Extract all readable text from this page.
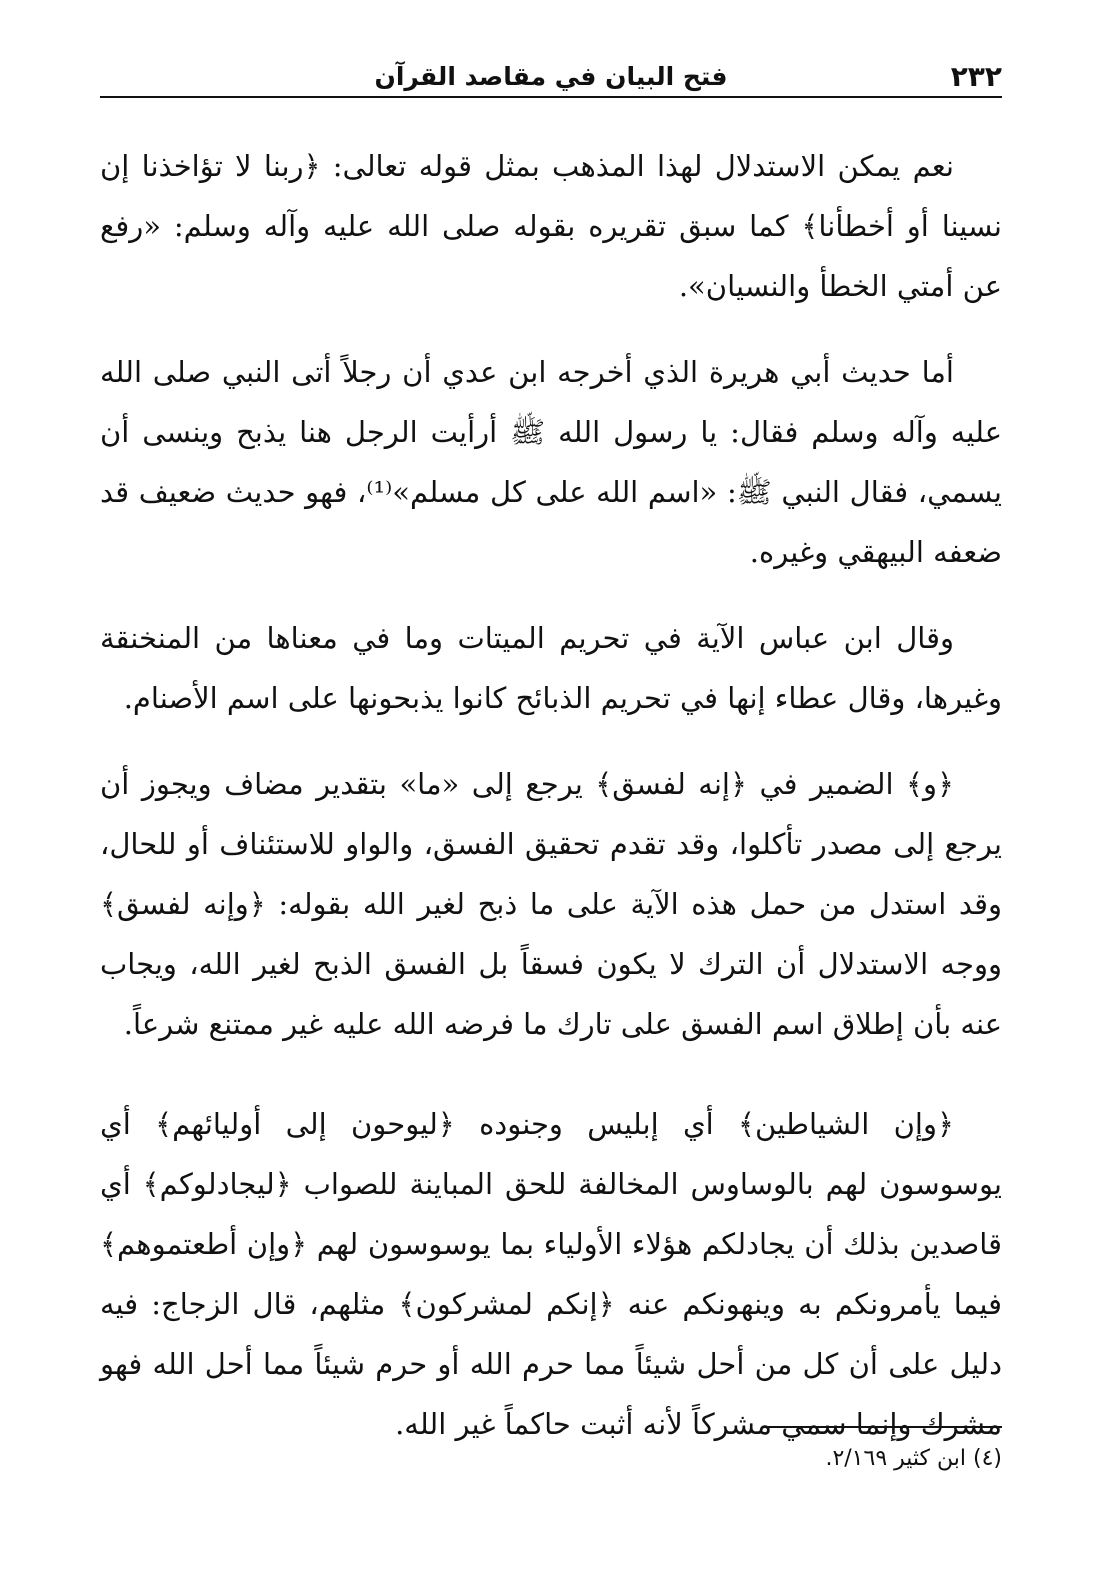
٢٣٢
فتح البيان في مقاصد القرآن

نعم يمكن الاستدلال لهذا المذهب بمثل قوله تعالى: ﴿ربنا لا تؤاخذنا إن نسينا أو أخطأنا﴾ كما سبق تقريره بقوله صلى الله عليه وآله وسلم: «رفع عن أمتي الخطأ والنسيان».

أما حديث أبي هريرة الذي أخرجه ابن عدي أن رجلاً أتى النبي صلى الله عليه وآله وسلم فقال: يا رسول الله ﷺ أرأيت الرجل هنا يذبح وينسى أن يسمي، فقال النبي ﷺ: «اسم الله على كل مسلم»⁽¹⁾، فهو حديث ضعيف قد ضعفه البيهقي وغيره.

وقال ابن عباس الآية في تحريم الميتات وما في معناها من المنخنقة وغيرها، وقال عطاء إنها في تحريم الذبائح كانوا يذبحونها على اسم الأصنام.

﴿و﴾ الضمير في ﴿إنه لفسق﴾ يرجع إلى «ما» بتقدير مضاف ويجوز أن يرجع إلى مصدر تأكلوا، وقد تقدم تحقيق الفسق، والواو للاستئناف أو للحال، وقد استدل من حمل هذه الآية على ما ذبح لغير الله بقوله: ﴿وإنه لفسق﴾ ووجه الاستدلال أن الترك لا يكون فسقاً بل الفسق الذبح لغير الله، ويجاب عنه بأن إطلاق اسم الفسق على تارك ما فرضه الله عليه غير ممتنع شرعاً.

﴿وإن الشياطين﴾ أي إبليس وجنوده ﴿ليوحون إلى أوليائهم﴾ أي يوسوسون لهم بالوساوس المخالفة للحق المباينة للصواب ﴿ليجادلوكم﴾ أي قاصدين بذلك أن يجادلكم هؤلاء الأولياء بما يوسوسون لهم ﴿وإن أطعتموهم﴾ فيما يأمرونكم به وينهونكم عنه ﴿إنكم لمشركون﴾ مثلهم، قال الزجاج: فيه دليل على أن كل من أحل شيئاً مما حرم الله أو حرم شيئاً مما أحل الله فهو مشرك وإنما سمي مشركاً لأنه أثبت حاكماً غير الله.

(٤) ابن كثير ٢/١٦٩.
